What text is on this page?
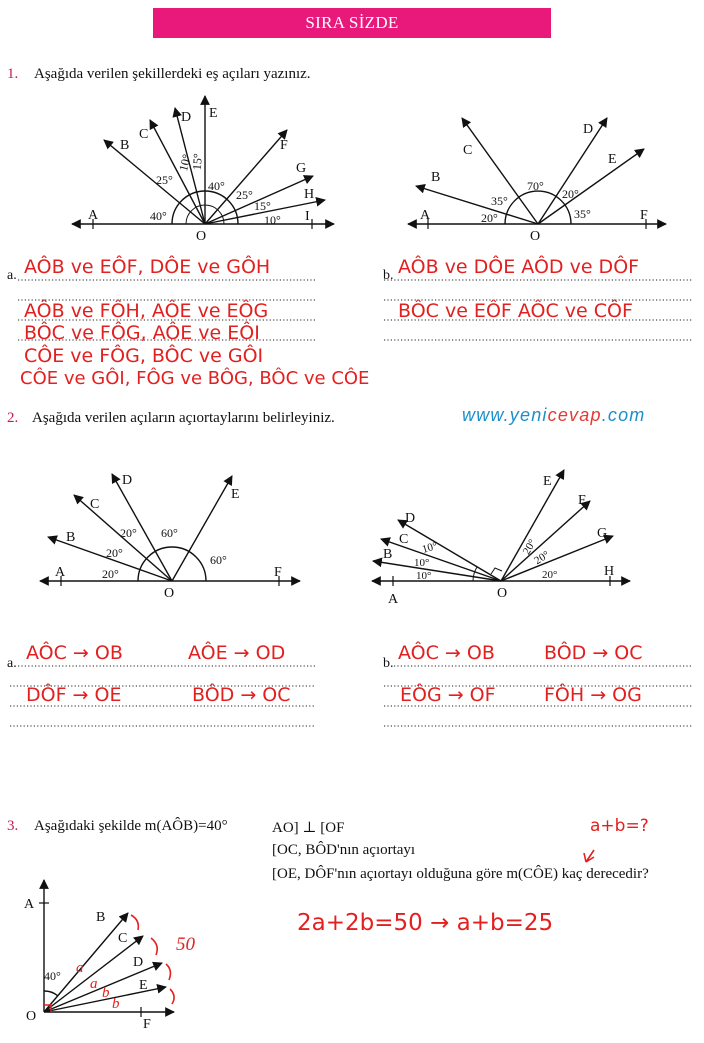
SIRA SİZDE
1. Aşağıda verilen şekillerdeki eş açıları yazınız.
2. Aşağıda verilen açıların açıortaylarını belirleyiniz.	www.yenicevap.com
3. Aşağıdaki şekilde m(AÔB)=40°	AO] ⊥ [OF
[OC, BÔD'nın açıortayı
[OE, DÔF'nın açıortayı olduğuna göre m(CÔE) kaç derecedir?
a.	b.
a.	b.
A
B
C
D E
F
G
H
I
O
40°
25°
10°
15°
40°
25°
15°
10°	A
B
C
D
E
F
O
20°
35°
70°
20°
35°
A
B
C
D
E
F
O
20°
20°
20° 60°
60°
A
B
C
D
E
F
G
H
O
10°
10°
10°	20°
20°
20°
A
B
C
D
E
F
O
40° a
a
b
b
50
AÔB ve EÔF, DÔE ve GÔH
AÔB ve FÔH, AÔE ve EÔG
BÔC ve FÔG, AÔE ve EÔI
CÔE ve FÔG, BÔC ve GÔI
CÔE ve GÔI, FÔG ve BÔG, BÔC ve CÔE
AÔB ve DÔE AÔD ve DÔF
BÔC ve EÔF AÔC ve CÔF
AÔC → OB	AÔE → OD
DÔF → OE	BÔD → OC
AÔC → OB	BÔD → OC
EÔG → OF	FÔH → OG
a+b=?
2a+2b=50 → a+b=25
